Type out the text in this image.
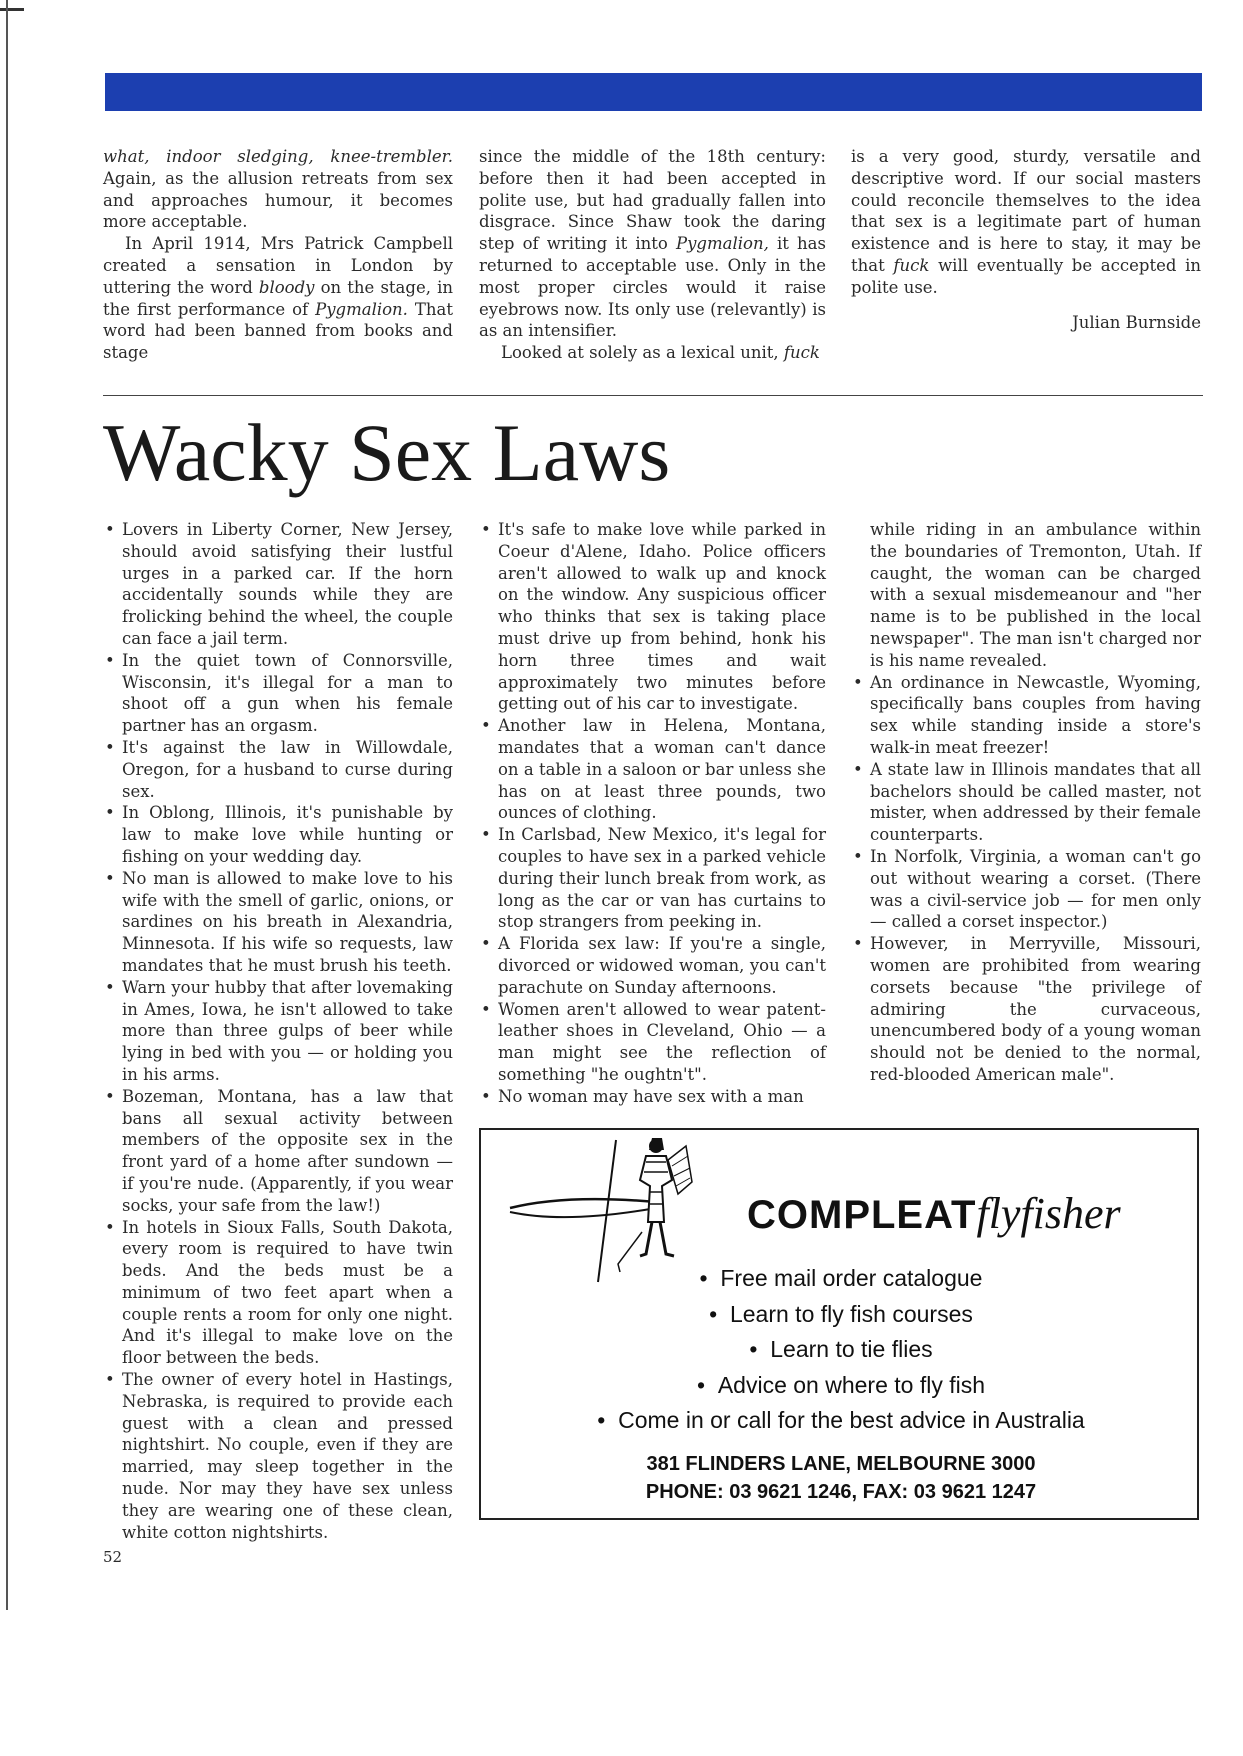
what, indoor sledging, knee-trembler. Again, as the allusion retreats from sex and approaches humour, it becomes more acceptable.

In April 1914, Mrs Patrick Campbell created a sensation in London by uttering the word bloody on the stage, in the first performance of Pygmalion. That word had been banned from books and stage

since the middle of the 18th century: before then it had been accepted in polite use, but had gradually fallen into disgrace. Since Shaw took the daring step of writing it into Pygmalion, it has returned to acceptable use. Only in the most proper circles would it raise eyebrows now. Its only use (relevantly) is as an intensifier.

Looked at solely as a lexical unit, fuck

is a very good, sturdy, versatile and descriptive word. If our social masters could reconcile themselves to the idea that sex is a legitimate part of human existence and is here to stay, it may be that fuck will eventually be accepted in polite use.

Julian Burnside

Wacky Sex Laws
• Lovers in Liberty Corner, New Jersey, should avoid satisfying their lustful urges in a parked car. If the horn accidentally sounds while they are frolicking behind the wheel, the couple can face a jail term.
• In the quiet town of Connorsville, Wisconsin, it's illegal for a man to shoot off a gun when his female partner has an orgasm.
• It's against the law in Willowdale, Oregon, for a husband to curse during sex.
• In Oblong, Illinois, it's punishable by law to make love while hunting or fishing on your wedding day.
• No man is allowed to make love to his wife with the smell of garlic, onions, or sardines on his breath in Alexandria, Minnesota. If his wife so requests, law mandates that he must brush his teeth.
• Warn your hubby that after lovemaking in Ames, Iowa, he isn't allowed to take more than three gulps of beer while lying in bed with you — or holding you in his arms.
• Bozeman, Montana, has a law that bans all sexual activity between members of the opposite sex in the front yard of a home after sundown — if you're nude. (Apparently, if you wear socks, your safe from the law!)
• In hotels in Sioux Falls, South Dakota, every room is required to have twin beds. And the beds must be a minimum of two feet apart when a couple rents a room for only one night. And it's illegal to make love on the floor between the beds.
• The owner of every hotel in Hastings, Nebraska, is required to provide each guest with a clean and pressed nightshirt. No couple, even if they are married, may sleep together in the nude. Nor may they have sex unless they are wearing one of these clean, white cotton nightshirts.
• It's safe to make love while parked in Coeur d'Alene, Idaho. Police officers aren't allowed to walk up and knock on the window. Any suspicious officer who thinks that sex is taking place must drive up from behind, honk his horn three times and wait approximately two minutes before getting out of his car to investigate.
• Another law in Helena, Montana, mandates that a woman can't dance on a table in a saloon or bar unless she has on at least three pounds, two ounces of clothing.
• In Carlsbad, New Mexico, it's legal for couples to have sex in a parked vehicle during their lunch break from work, as long as the car or van has curtains to stop strangers from peeking in.
• A Florida sex law: If you're a single, divorced or widowed woman, you can't parachute on Sunday afternoons.
• Women aren't allowed to wear patent-leather shoes in Cleveland, Ohio — a man might see the reflection of something "he oughtn't".
• No woman may have sex with a man

while riding in an ambulance within the boundaries of Tremonton, Utah. If caught, the woman can be charged with a sexual misdemeanour and "her name is to be published in the local newspaper". The man isn't charged nor is his name revealed.

• An ordinance in Newcastle, Wyoming, specifically bans couples from having sex while standing inside a store's walk-in meat freezer!
• A state law in Illinois mandates that all bachelors should be called master, not mister, when addressed by their female counterparts.
• In Norfolk, Virginia, a woman can't go out without wearing a corset. (There was a civil-service job — for men only — called a corset inspector.)
• However, in Merryville, Missouri, women are prohibited from wearing corsets because "the privilege of admiring the curvaceous, unencumbered body of a young woman should not be denied to the normal, red-blooded American male".
52
COMPLEATflyfisher
•  Free mail order catalogue
•  Learn to fly fish courses
•  Learn to tie flies
•  Advice on where to fly fish
•  Come in or call for the best advice in Australia

381 FLINDERS LANE, MELBOURNE 3000

PHONE: 03 9621 1246, FAX: 03 9621 1247
